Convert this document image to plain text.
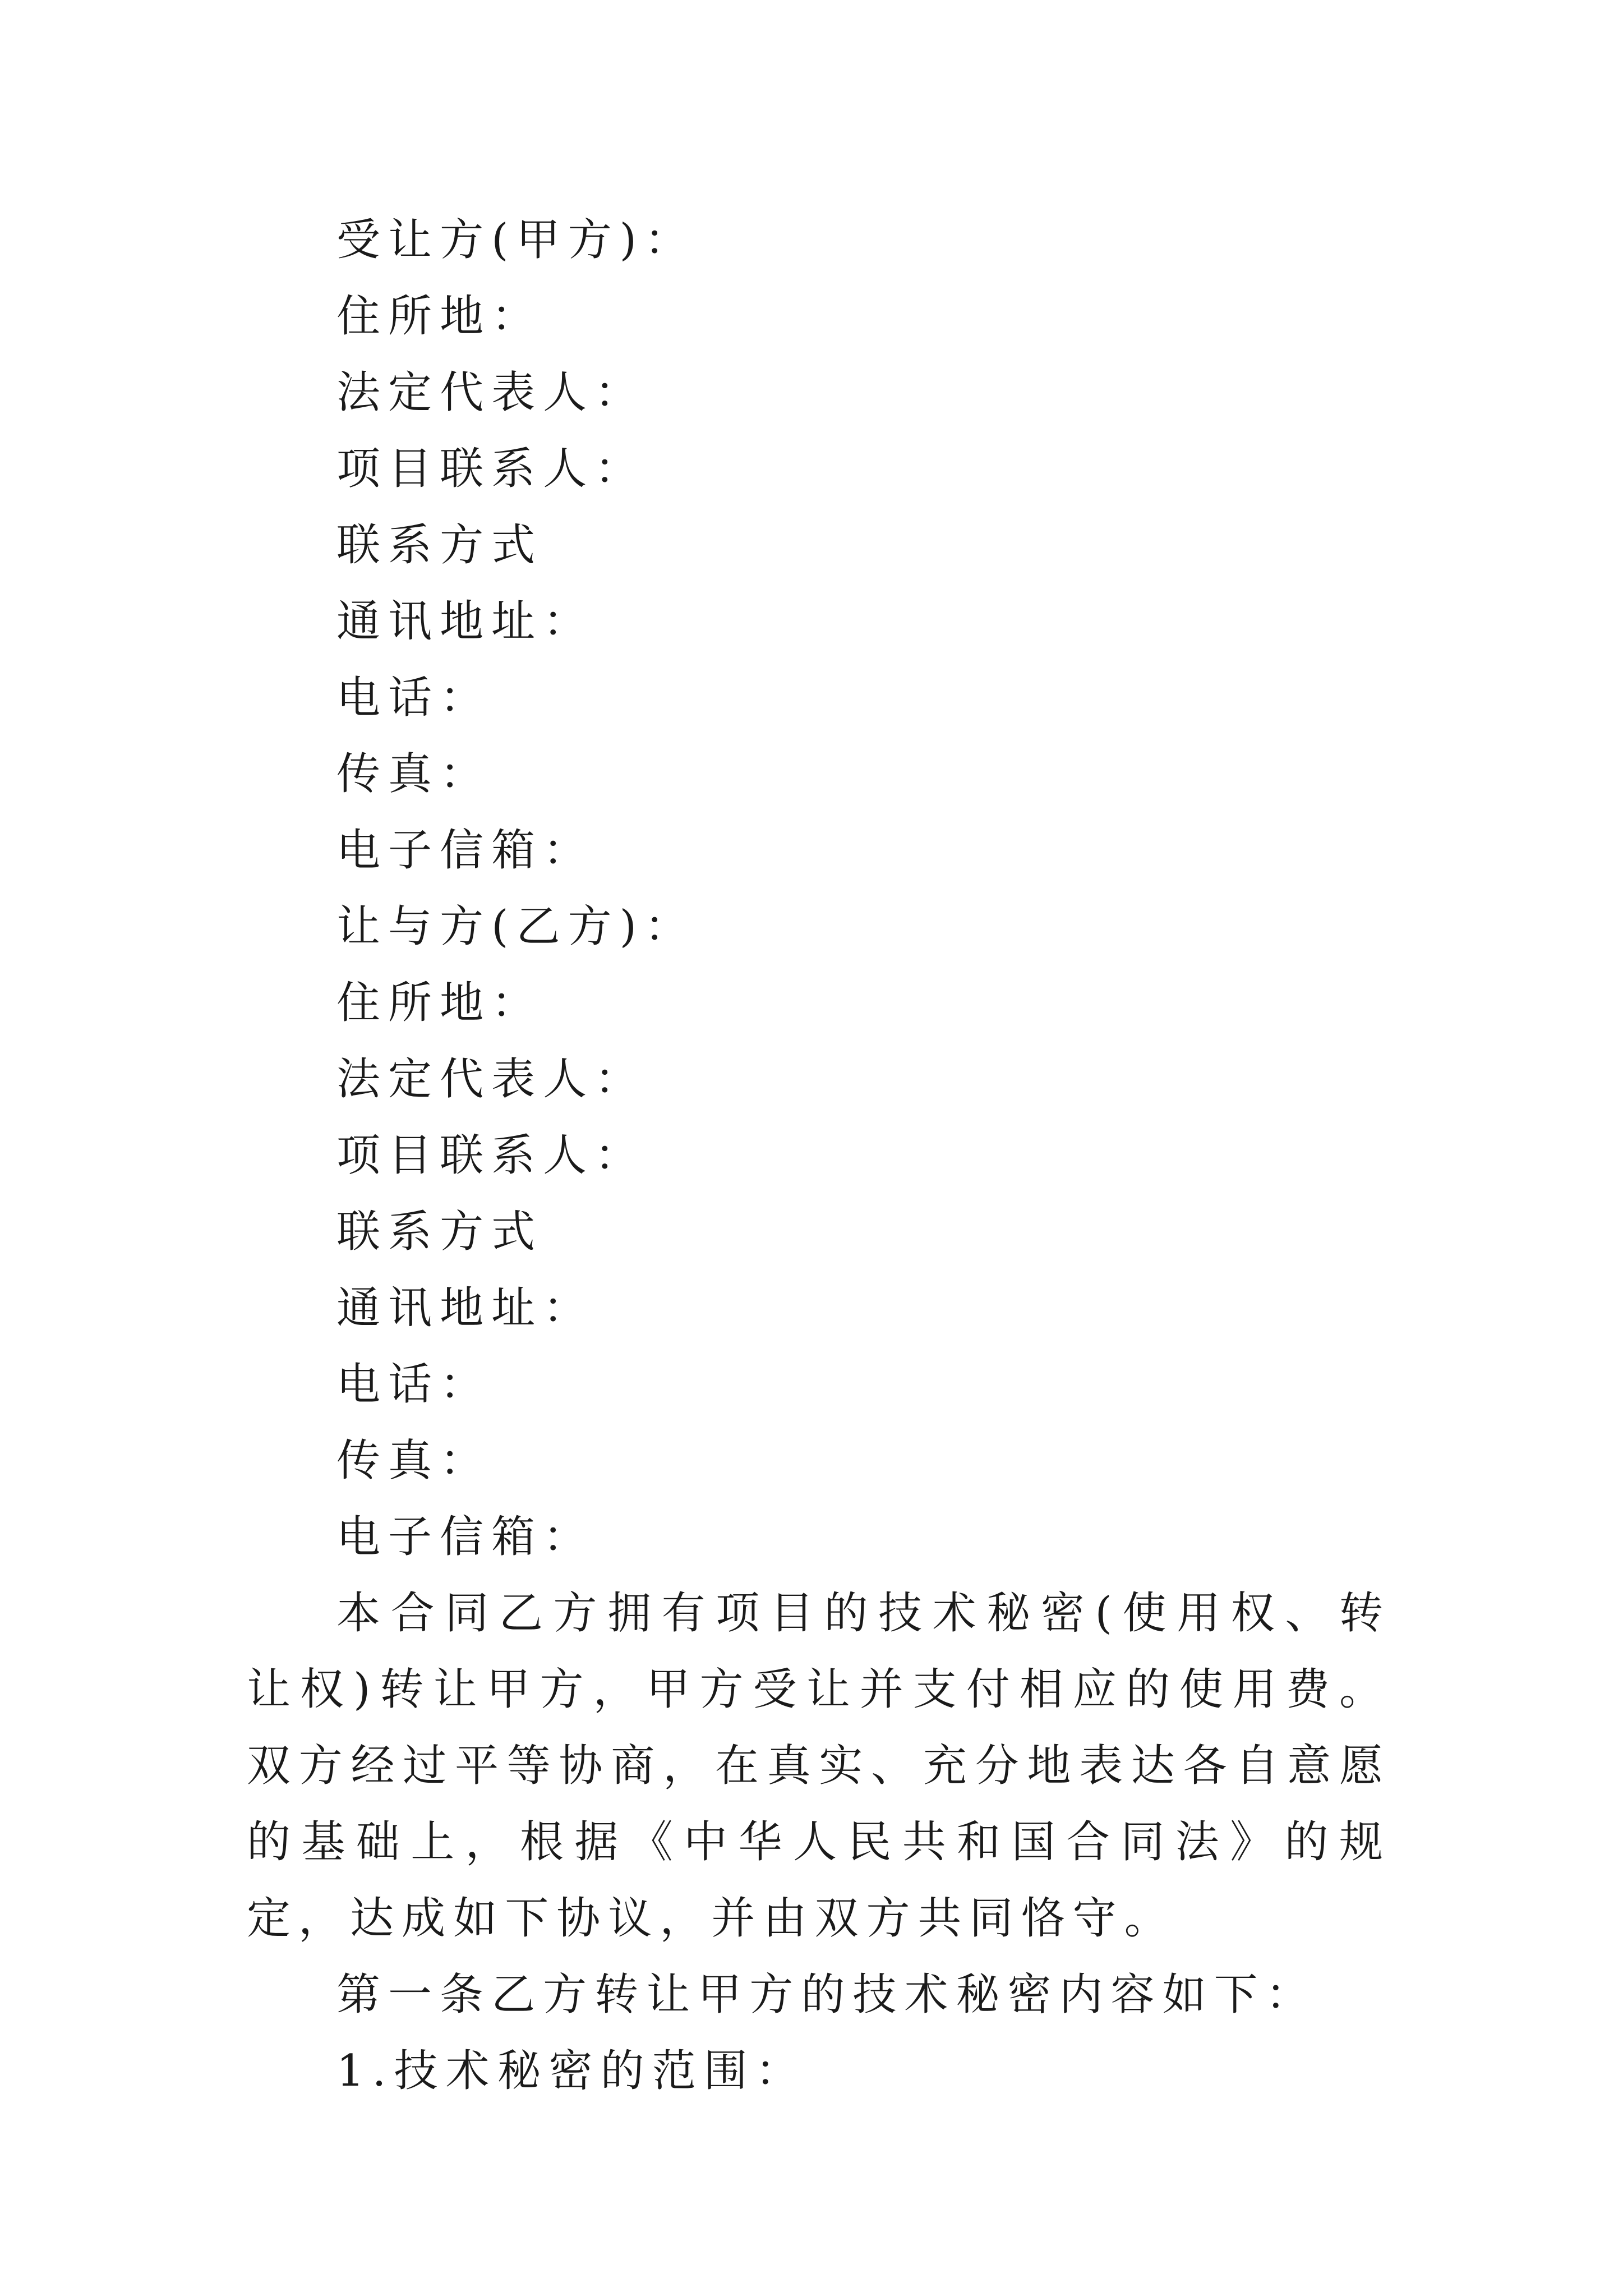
受让方(甲方)：

住所地：

法定代表人：

项目联系人：

联系方式

通讯地址：

电话：

传真：

电子信箱：

让与方(乙方)：

住所地：

法定代表人：

项目联系人：

联系方式

通讯地址：

电话：

传真：

电子信箱：

本合同乙方拥有项目的技术秘密(使用权、转让权)转让甲方，甲方受让并支付相应的使用费。双方经过平等协商，在真实、充分地表达各自意愿的基础上，根据《中华人民共和国合同法》的规定，达成如下协议，并由双方共同恪守。

第一条乙方转让甲方的技术秘密内容如下：

1.技术秘密的范围：
